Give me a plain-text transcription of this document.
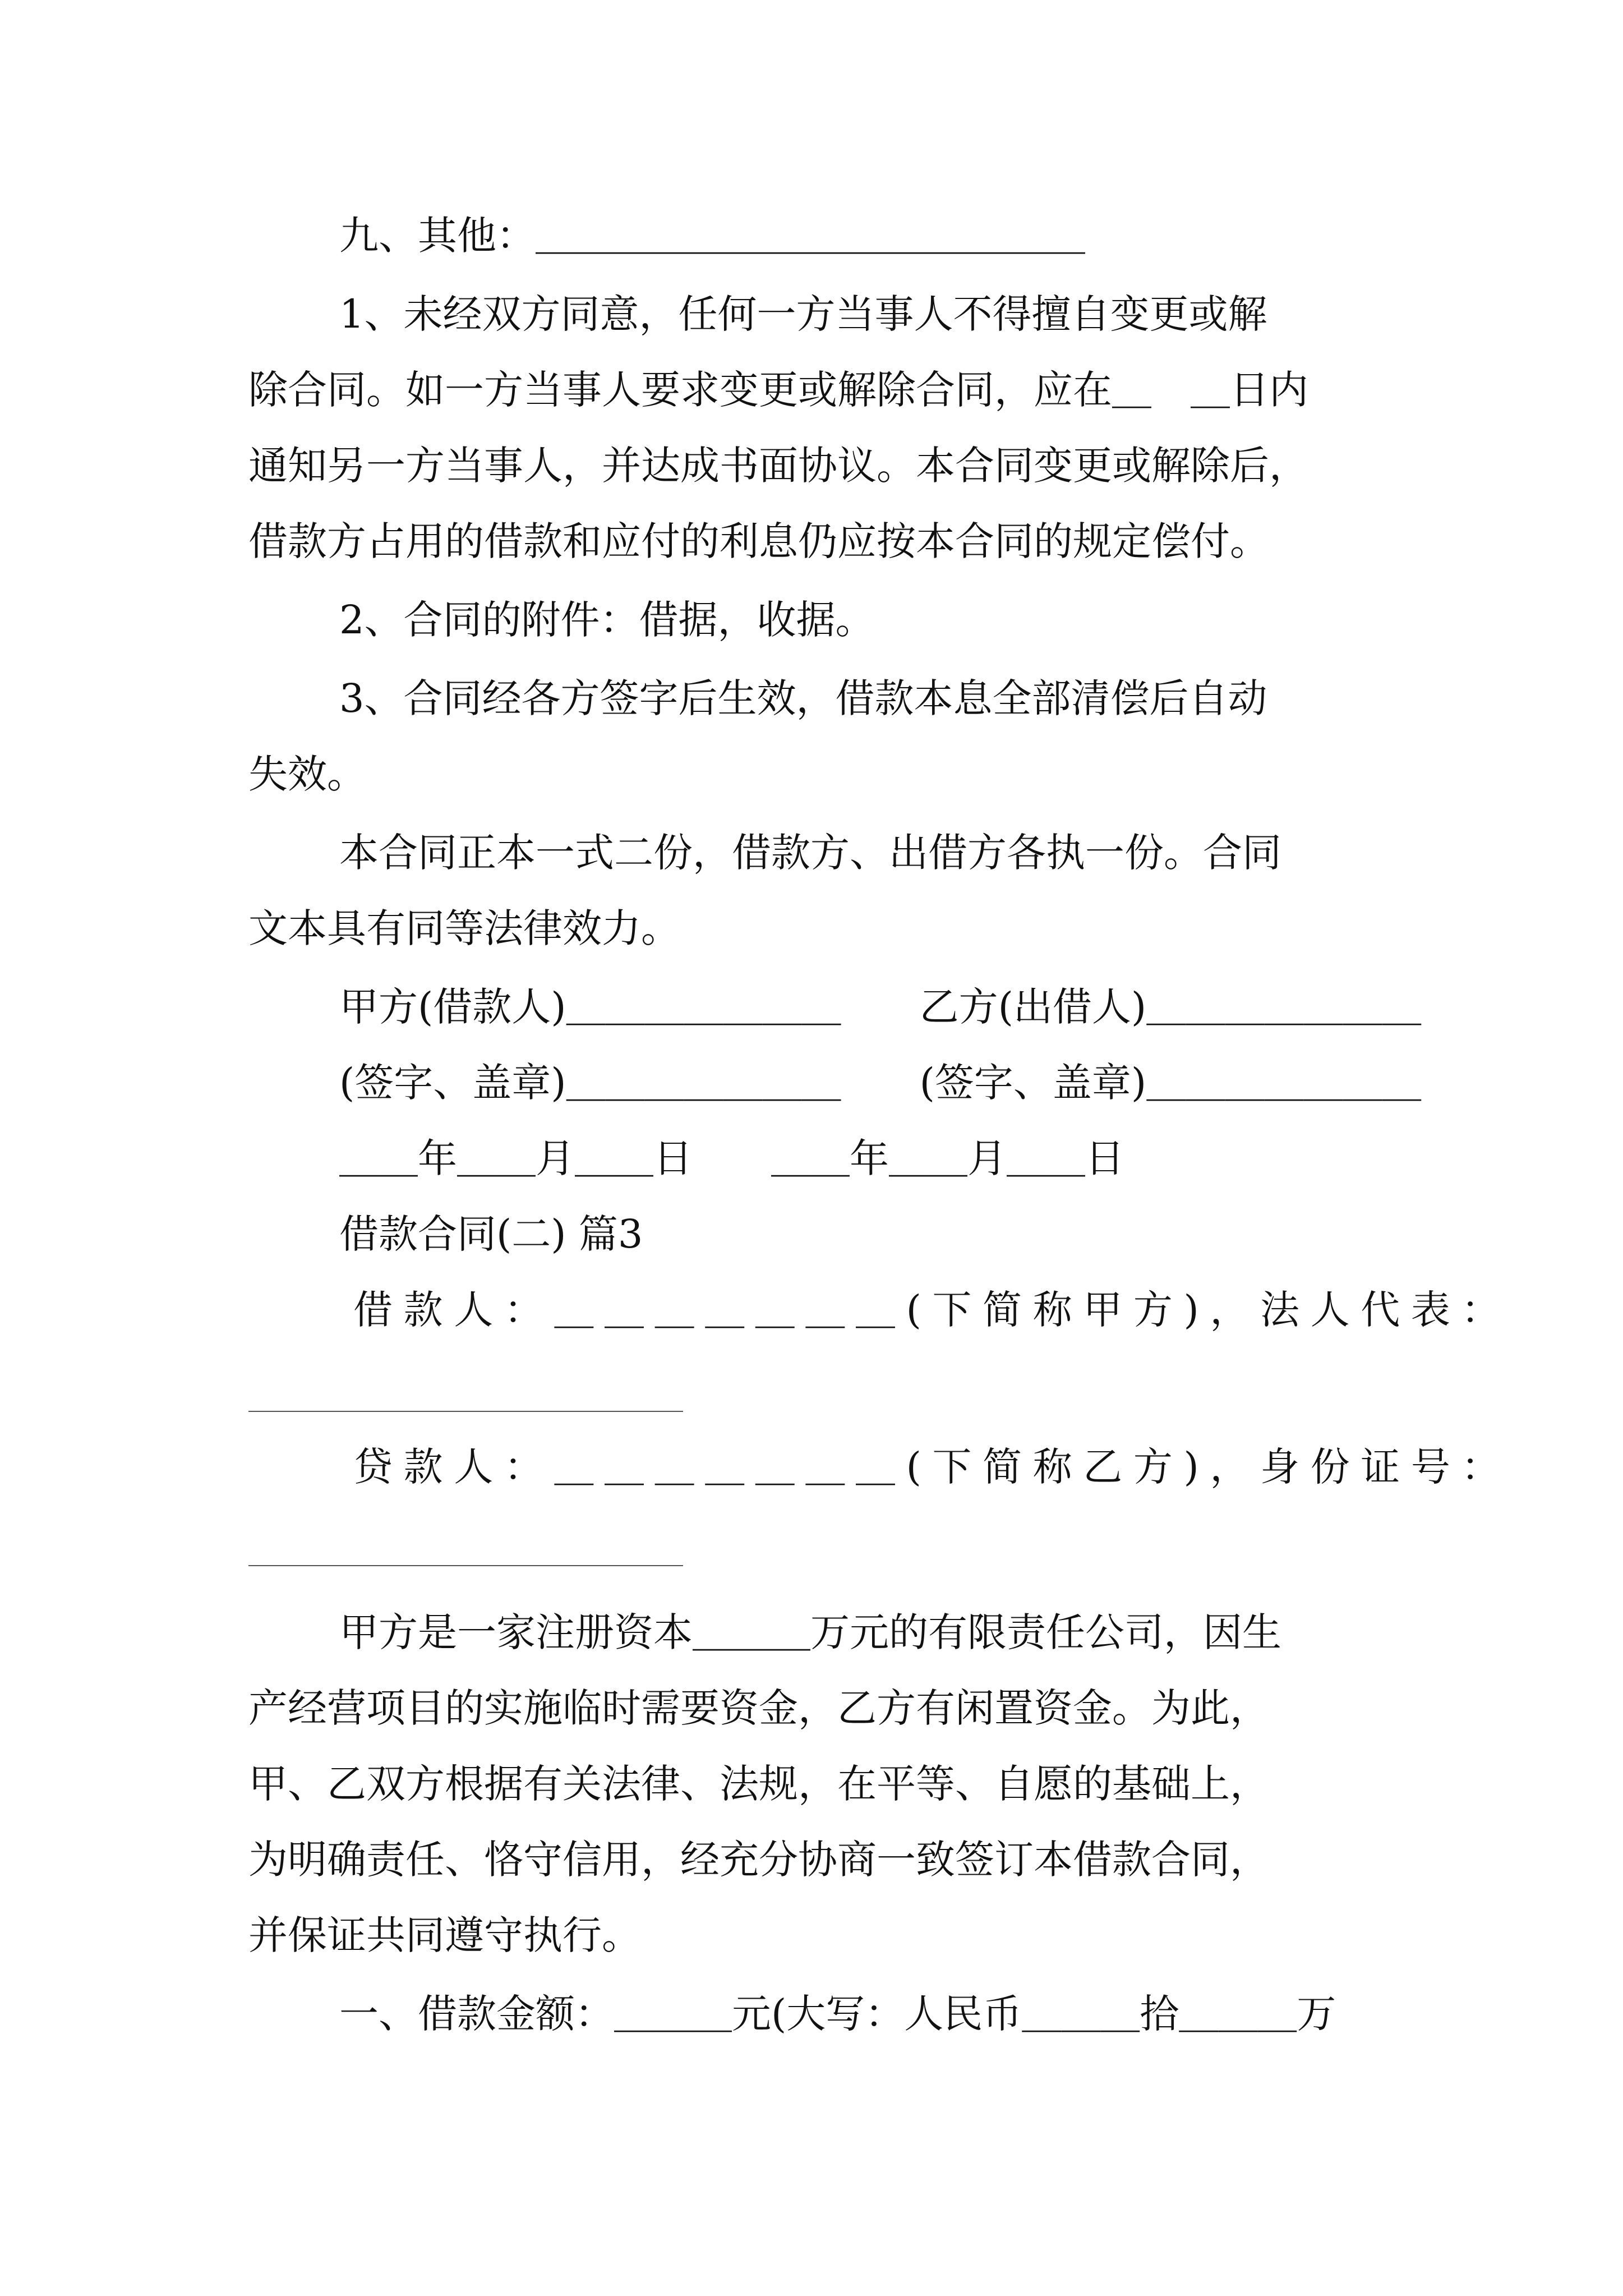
九、其他：＿＿＿＿＿＿＿＿＿＿＿＿＿＿

1、未经双方同意，任何一方当事人不得擅自变更或解

除合同。如一方当事人要求变更或解除合同，应在＿　＿日内

通知另一方当事人，并达成书面协议。本合同变更或解除后，

借款方占用的借款和应付的利息仍应按本合同的规定偿付。

2、合同的附件：借据，收据。

3、合同经各方签字后生效，借款本息全部清偿后自动

失效。

本合同正本一式二份，借款方、出借方各执一份。合同

文本具有同等法律效力。

甲方(借款人)＿＿＿＿＿＿＿　　乙方(出借人)＿＿＿＿＿＿＿

(签字、盖章)＿＿＿＿＿＿＿　　(签字、盖章)＿＿＿＿＿＿＿

＿＿年＿＿月＿＿日　　＿＿年＿＿月＿＿日

借款合同(二) 篇3

借款人：＿＿＿＿＿＿＿(下简称甲方)，法人代表：

贷款人：＿＿＿＿＿＿＿(下简称乙方)，身份证号：

甲方是一家注册资本＿＿＿万元的有限责任公司，因生

产经营项目的实施临时需要资金，乙方有闲置资金。为此，

甲、乙双方根据有关法律、法规，在平等、自愿的基础上，

为明确责任、恪守信用，经充分协商一致签订本借款合同，

并保证共同遵守执行。

一、借款金额：＿＿＿元(大写：人民币＿＿＿拾＿＿＿万
